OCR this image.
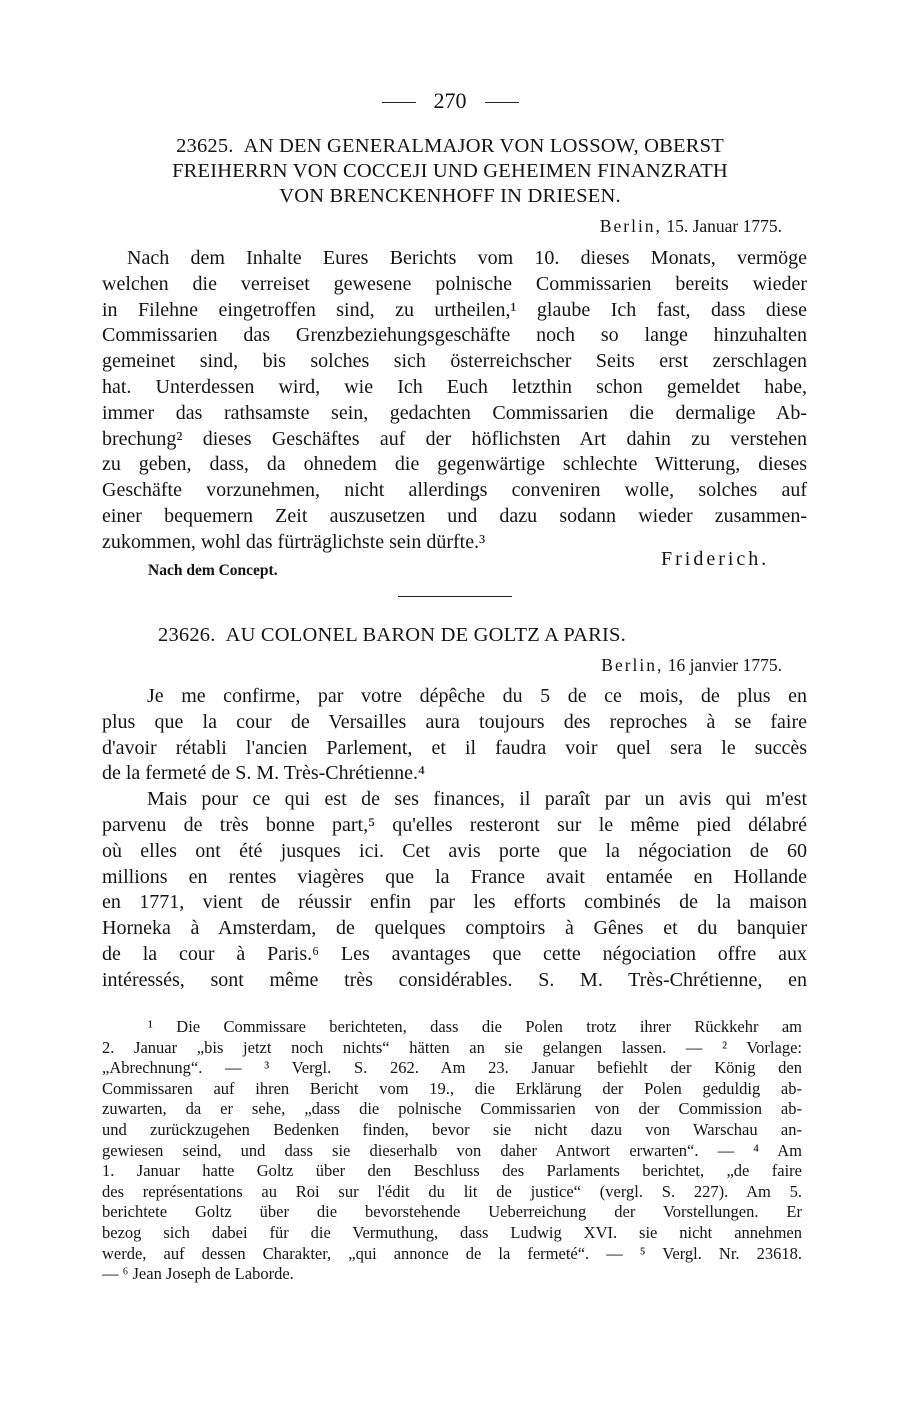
270
23625. AN DEN GENERALMAJOR VON LOSSOW, OBERST
FREIHERRN VON COCCEJI UND GEHEIMEN FINANZRATH
VON BRENCKENHOFF IN DRIESEN.
Berlin, 15. Januar 1775.
Nach dem Inhalte Eures Berichts vom 10. dieses Monats, vermöge
welchen die verreiset gewesene polnische Commissarien bereits wieder
in Filehne eingetroffen sind, zu urtheilen,¹ glaube Ich fast, dass diese
Commissarien das Grenzbeziehungsgeschäfte noch so lange hinzuhalten
gemeinet sind, bis solches sich österreichscher Seits erst zerschlagen
hat. Unterdessen wird, wie Ich Euch letzthin schon gemeldet habe,
immer das rathsamste sein, gedachten Commissarien die dermalige Ab-
brechung² dieses Geschäftes auf der höflichsten Art dahin zu verstehen
zu geben, dass, da ohnedem die gegenwärtige schlechte Witterung, dieses
Geschäfte vorzunehmen, nicht allerdings conveniren wolle, solches auf
einer bequemern Zeit auszusetzen und dazu sodann wieder zusammen-
zukommen, wohl das fürträglichste sein dürfte.³
Friderich.
Nach dem Concept.
23626. AU COLONEL BARON DE GOLTZ A PARIS.
Berlin, 16 janvier 1775.
Je me confirme, par votre dépêche du 5 de ce mois, de plus en
plus que la cour de Versailles aura toujours des reproches à se faire
d'avoir rétabli l'ancien Parlement, et il faudra voir quel sera le succès
de la fermeté de S. M. Très-Chrétienne.⁴
Mais pour ce qui est de ses finances, il paraît par un avis qui m'est
parvenu de très bonne part,⁵ qu'elles resteront sur le même pied délabré
où elles ont été jusques ici. Cet avis porte que la négociation de 60
millions en rentes viagères que la France avait entamée en Hollande
en 1771, vient de réussir enfin par les efforts combinés de la maison
Horneka à Amsterdam, de quelques comptoirs à Gênes et du banquier
de la cour à Paris.⁶ Les avantages que cette négociation offre aux
intéressés, sont même très considérables. S. M. Très-Chrétienne, en
¹ Die Commissare berichteten, dass die Polen trotz ihrer Rückkehr am
2. Januar „bis jetzt noch nichts“ hätten an sie gelangen lassen. — ² Vorlage:
„Abrechnung“. — ³ Vergl. S. 262. Am 23. Januar befiehlt der König den
Commissaren auf ihren Bericht vom 19., die Erklärung der Polen geduldig ab-
zuwarten, da er sehe, „dass die polnische Commissarien von der Commission ab-
und zurückzugehen Bedenken finden, bevor sie nicht dazu von Warschau an-
gewiesen seind, und dass sie dieserhalb von daher Antwort erwarten“. — ⁴ Am
1. Januar hatte Goltz über den Beschluss des Parlaments berichtet, „de faire
des représentations au Roi sur l'édit du lit de justice“ (vergl. S. 227). Am 5.
berichtete Goltz über die bevorstehende Ueberreichung der Vorstellungen. Er
bezog sich dabei für die Vermuthung, dass Ludwig XVI. sie nicht annehmen
werde, auf dessen Charakter, „qui annonce de la fermeté“. — ⁵ Vergl. Nr. 23618.
— ⁶ Jean Joseph de Laborde.
